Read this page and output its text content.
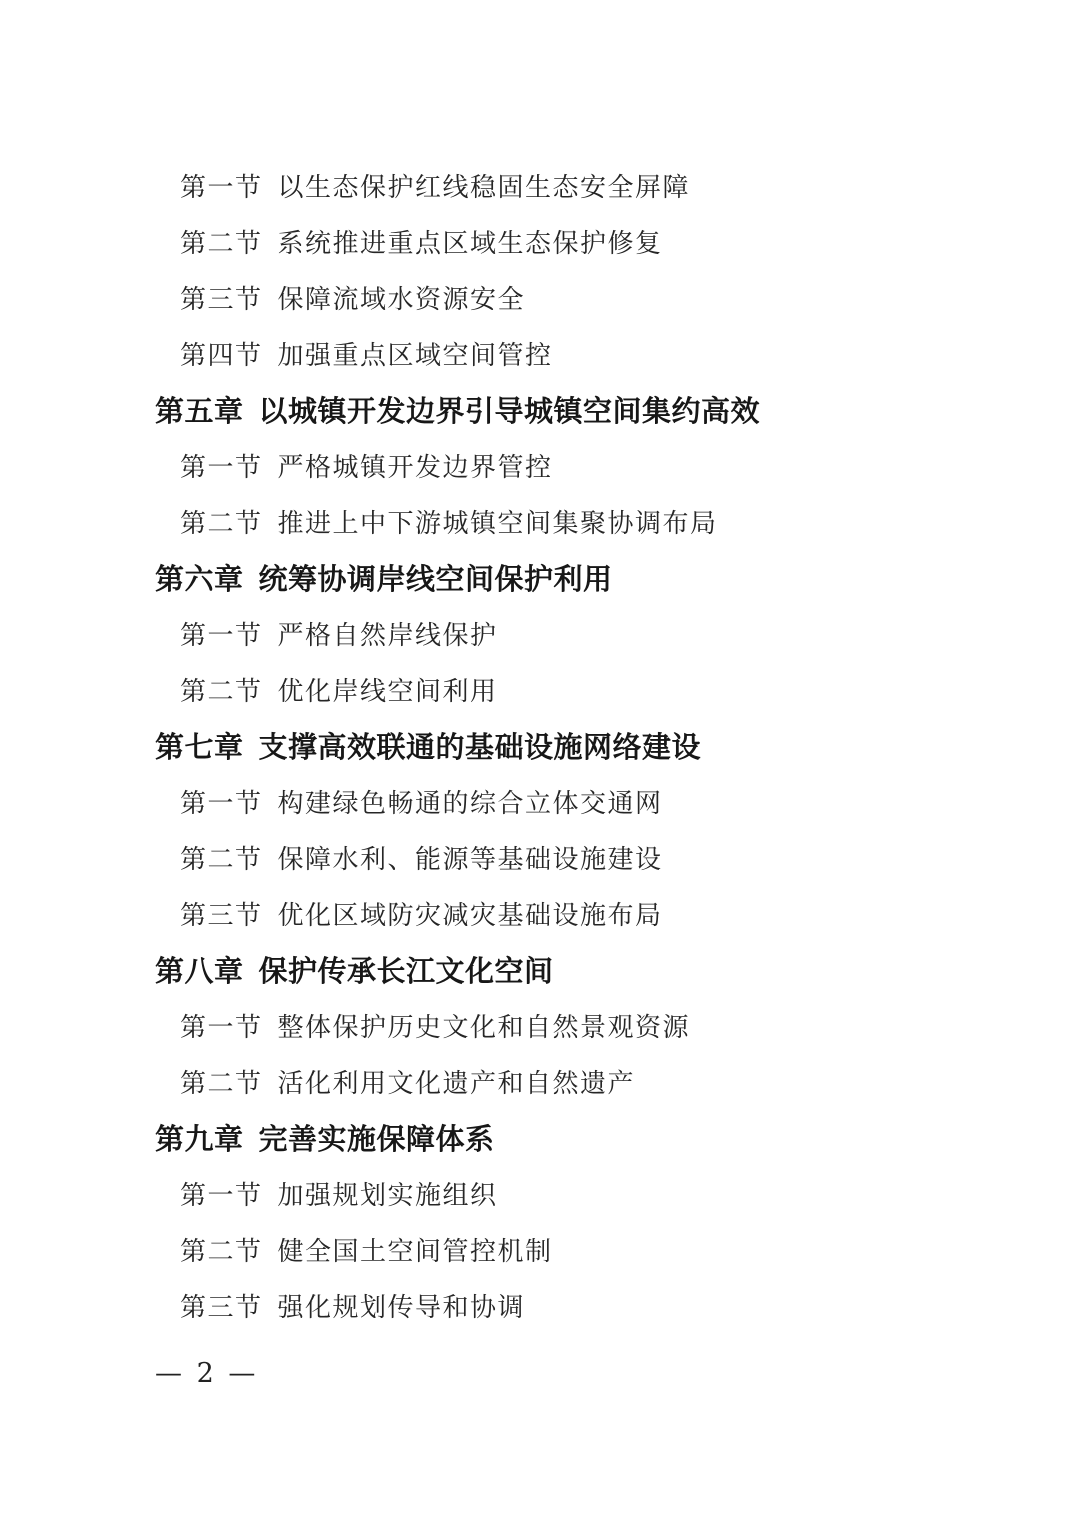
第一节 以生态保护红线稳固生态安全屏障
第二节 系统推进重点区域生态保护修复
第三节 保障流域水资源安全
第四节 加强重点区域空间管控
第五章 以城镇开发边界引导城镇空间集约高效
第一节 严格城镇开发边界管控
第二节 推进上中下游城镇空间集聚协调布局
第六章 统筹协调岸线空间保护利用
第一节 严格自然岸线保护
第二节 优化岸线空间利用
第七章 支撑高效联通的基础设施网络建设
第一节 构建绿色畅通的综合立体交通网
第二节 保障水利、能源等基础设施建设
第三节 优化区域防灾减灾基础设施布局
第八章 保护传承长江文化空间
第一节 整体保护历史文化和自然景观资源
第二节 活化利用文化遗产和自然遗产
第九章 完善实施保障体系
第一节 加强规划实施组织
第二节 健全国土空间管控机制
第三节 强化规划传导和协调
— 2 —
